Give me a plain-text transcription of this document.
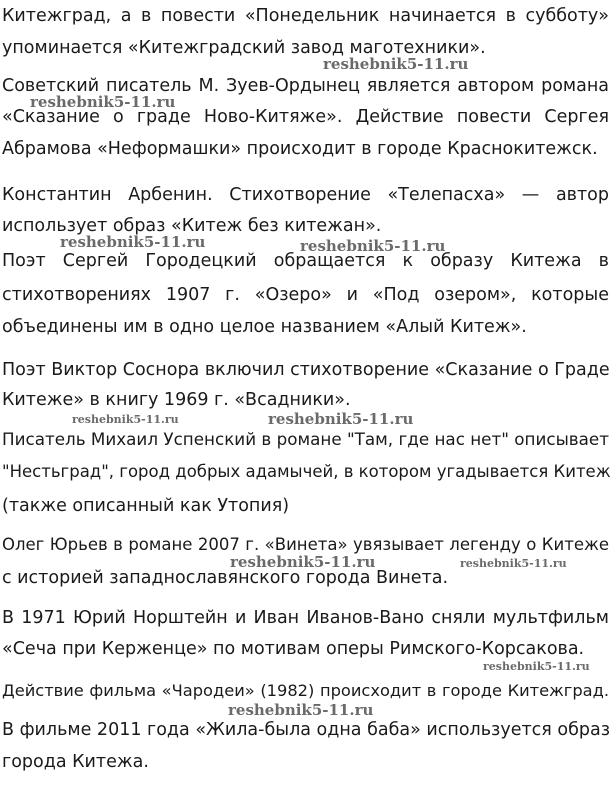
Китежград, а в повести «Понедельник начинается в субботу»
упоминается «Китежградский завод маготехники».
Советский писатель М. Зуев-Ордынец является автором романа
«Сказание о граде Ново-Китяже». Действие повести Сергея
Абрамова «Неформашки» происходит в городе Краснокитежск.
Константин Арбенин. Стихотворение «Телепасха» — автор
использует образ «Китеж без китежан».
Поэт Сергей Городецкий обращается к образу Китежа в
стихотворениях 1907 г. «Озеро» и «Под озером», которые
объединены им в одно целое названием «Алый Китеж».
Поэт Виктор Соснора включил стихотворение «Сказание о Граде
Китеже» в книгу 1969 г. «Всадники».
Писатель Михаил Успенский в романе "Там, где нас нет" описывает
"Нестьград", город добрых адамычей, в котором угадывается Китеж
(также описанный как Утопия)
Олег Юрьев в романе 2007 г. «Винета» увязывает легенду о Китеже
с историей западнославянского города Винета.
В 1971 Юрий Норштейн и Иван Иванов-Вано сняли мультфильм
«Сеча при Керженце» по мотивам оперы Римского-Корсакова.
Действие фильма «Чародеи» (1982) происходит в городе Китежград.
В фильме 2011 года «Жила-была одна баба» используется образ
города Китежа.
reshebnik5-11.ru
reshebnik5-11.ru
reshebnik5-11.ru	reshebnik5-11.ru
reshebnik5-11.ru	reshebnik5-11.ru
reshebnik5-11.ru	reshebnik5-11.ru
reshebnik5-11.ru
reshebnik5-11.ru
